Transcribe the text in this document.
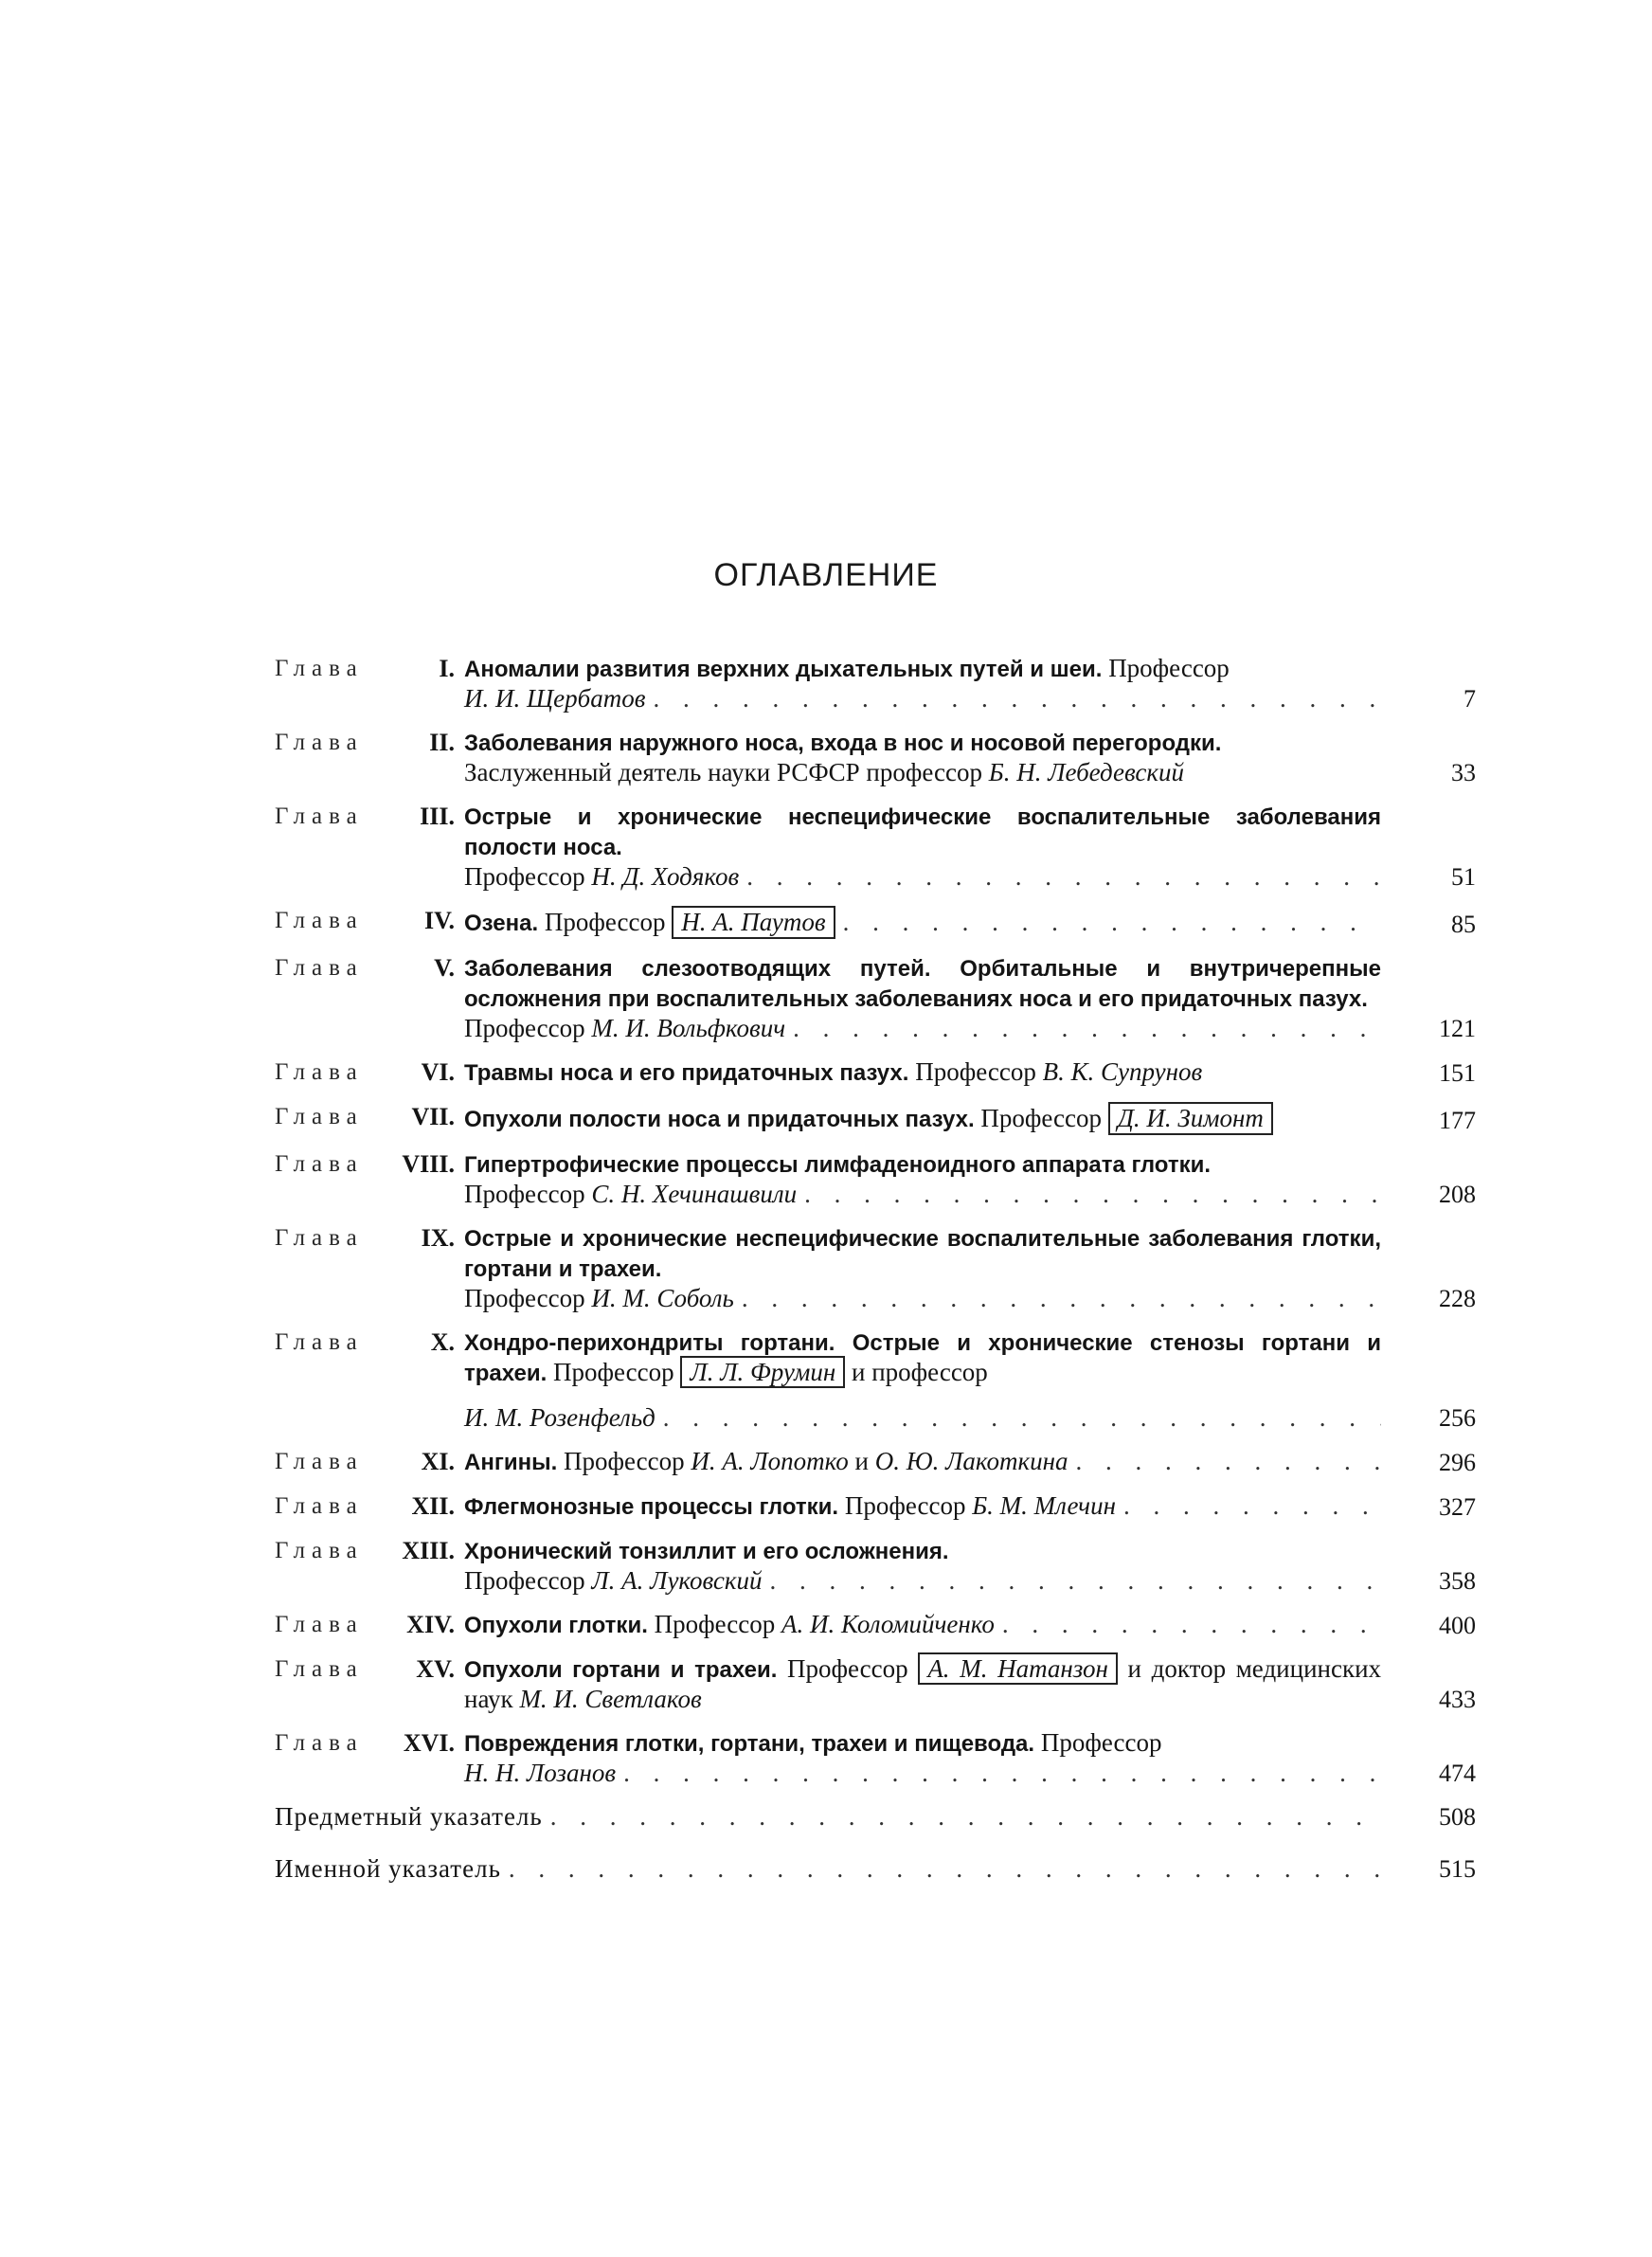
ОГЛАВЛЕНИЕ
Глава	I. Аномалии развития верхних дыхательных путей и шеи. Профессор
И. И. Щербатов . . .	7
Глава	II. Заболевания наружного носа, входа в нос и носовой перегородки.
Заслуженный деятель науки РСФСР профессор
Б. Н. Лебедевский	33
Глава	III. Острые и хронические неспецифические воспалительные заболевания полости носа.
Профессор
Н. Д. Ходяков . . .	51
Глава	IV. Озена.
Профессор
Н. А. Паутов . . .	85
Глава	V. Заболевания слезоотводящих путей. Орбитальные и внутричерепные осложнения при воспалительных заболеваниях носа и его придаточных пазух.
Профессор
М. И. Вольфкович . . .	121
Глава	VI. Травмы носа и его придаточных пазух.
Профессор
В. К. Супрунов	151
Глава	VII. Опухоли полости носа и придаточных пазух.
Профессор
Д. И. Зимонт	177
Глава	VIII. Гипертрофические процессы лимфаденоидного аппарата глотки.
Профессор
С. Н. Хечинашвили . . .	208
Глава	IX. Острые и хронические неспецифические воспалительные заболевания глотки, гортани и трахеи.
Профессор
И. М. Соболь . . .	228
Глава	X. Хондро-перихондриты гортани. Острые и хронические стенозы гортани и трахеи. Профессор Л. Л. Фрумин и профессор
И. М. Розенфельд . . .	256
Глава	XI. Ангины.
Профессор
И. А. Лопотко
и
О. Ю. Лакоткина . . .	296
Глава	XII. Флегмонозные процессы глотки.
Профессор
Б. М. Млечин . . .	327
Глава	XIII. Хронический тонзиллит и его осложнения.
Профессор
Л. А. Луковский . . .	358
Глава	XIV. Опухоли глотки.
Профессор
А. И. Коломийченко . . .	400
Глава	XV. Опухоли гортани и трахеи. Профессор А. М. Натанзон и доктор медицинских наук М. И. Светлаков	433
Глава	XVI. Повреждения глотки, гортани, трахеи и пищевода. Профессор
Н. Н. Лозанов . . .	474
Предметный указатель . . .	508
Именной указатель . . .	515
